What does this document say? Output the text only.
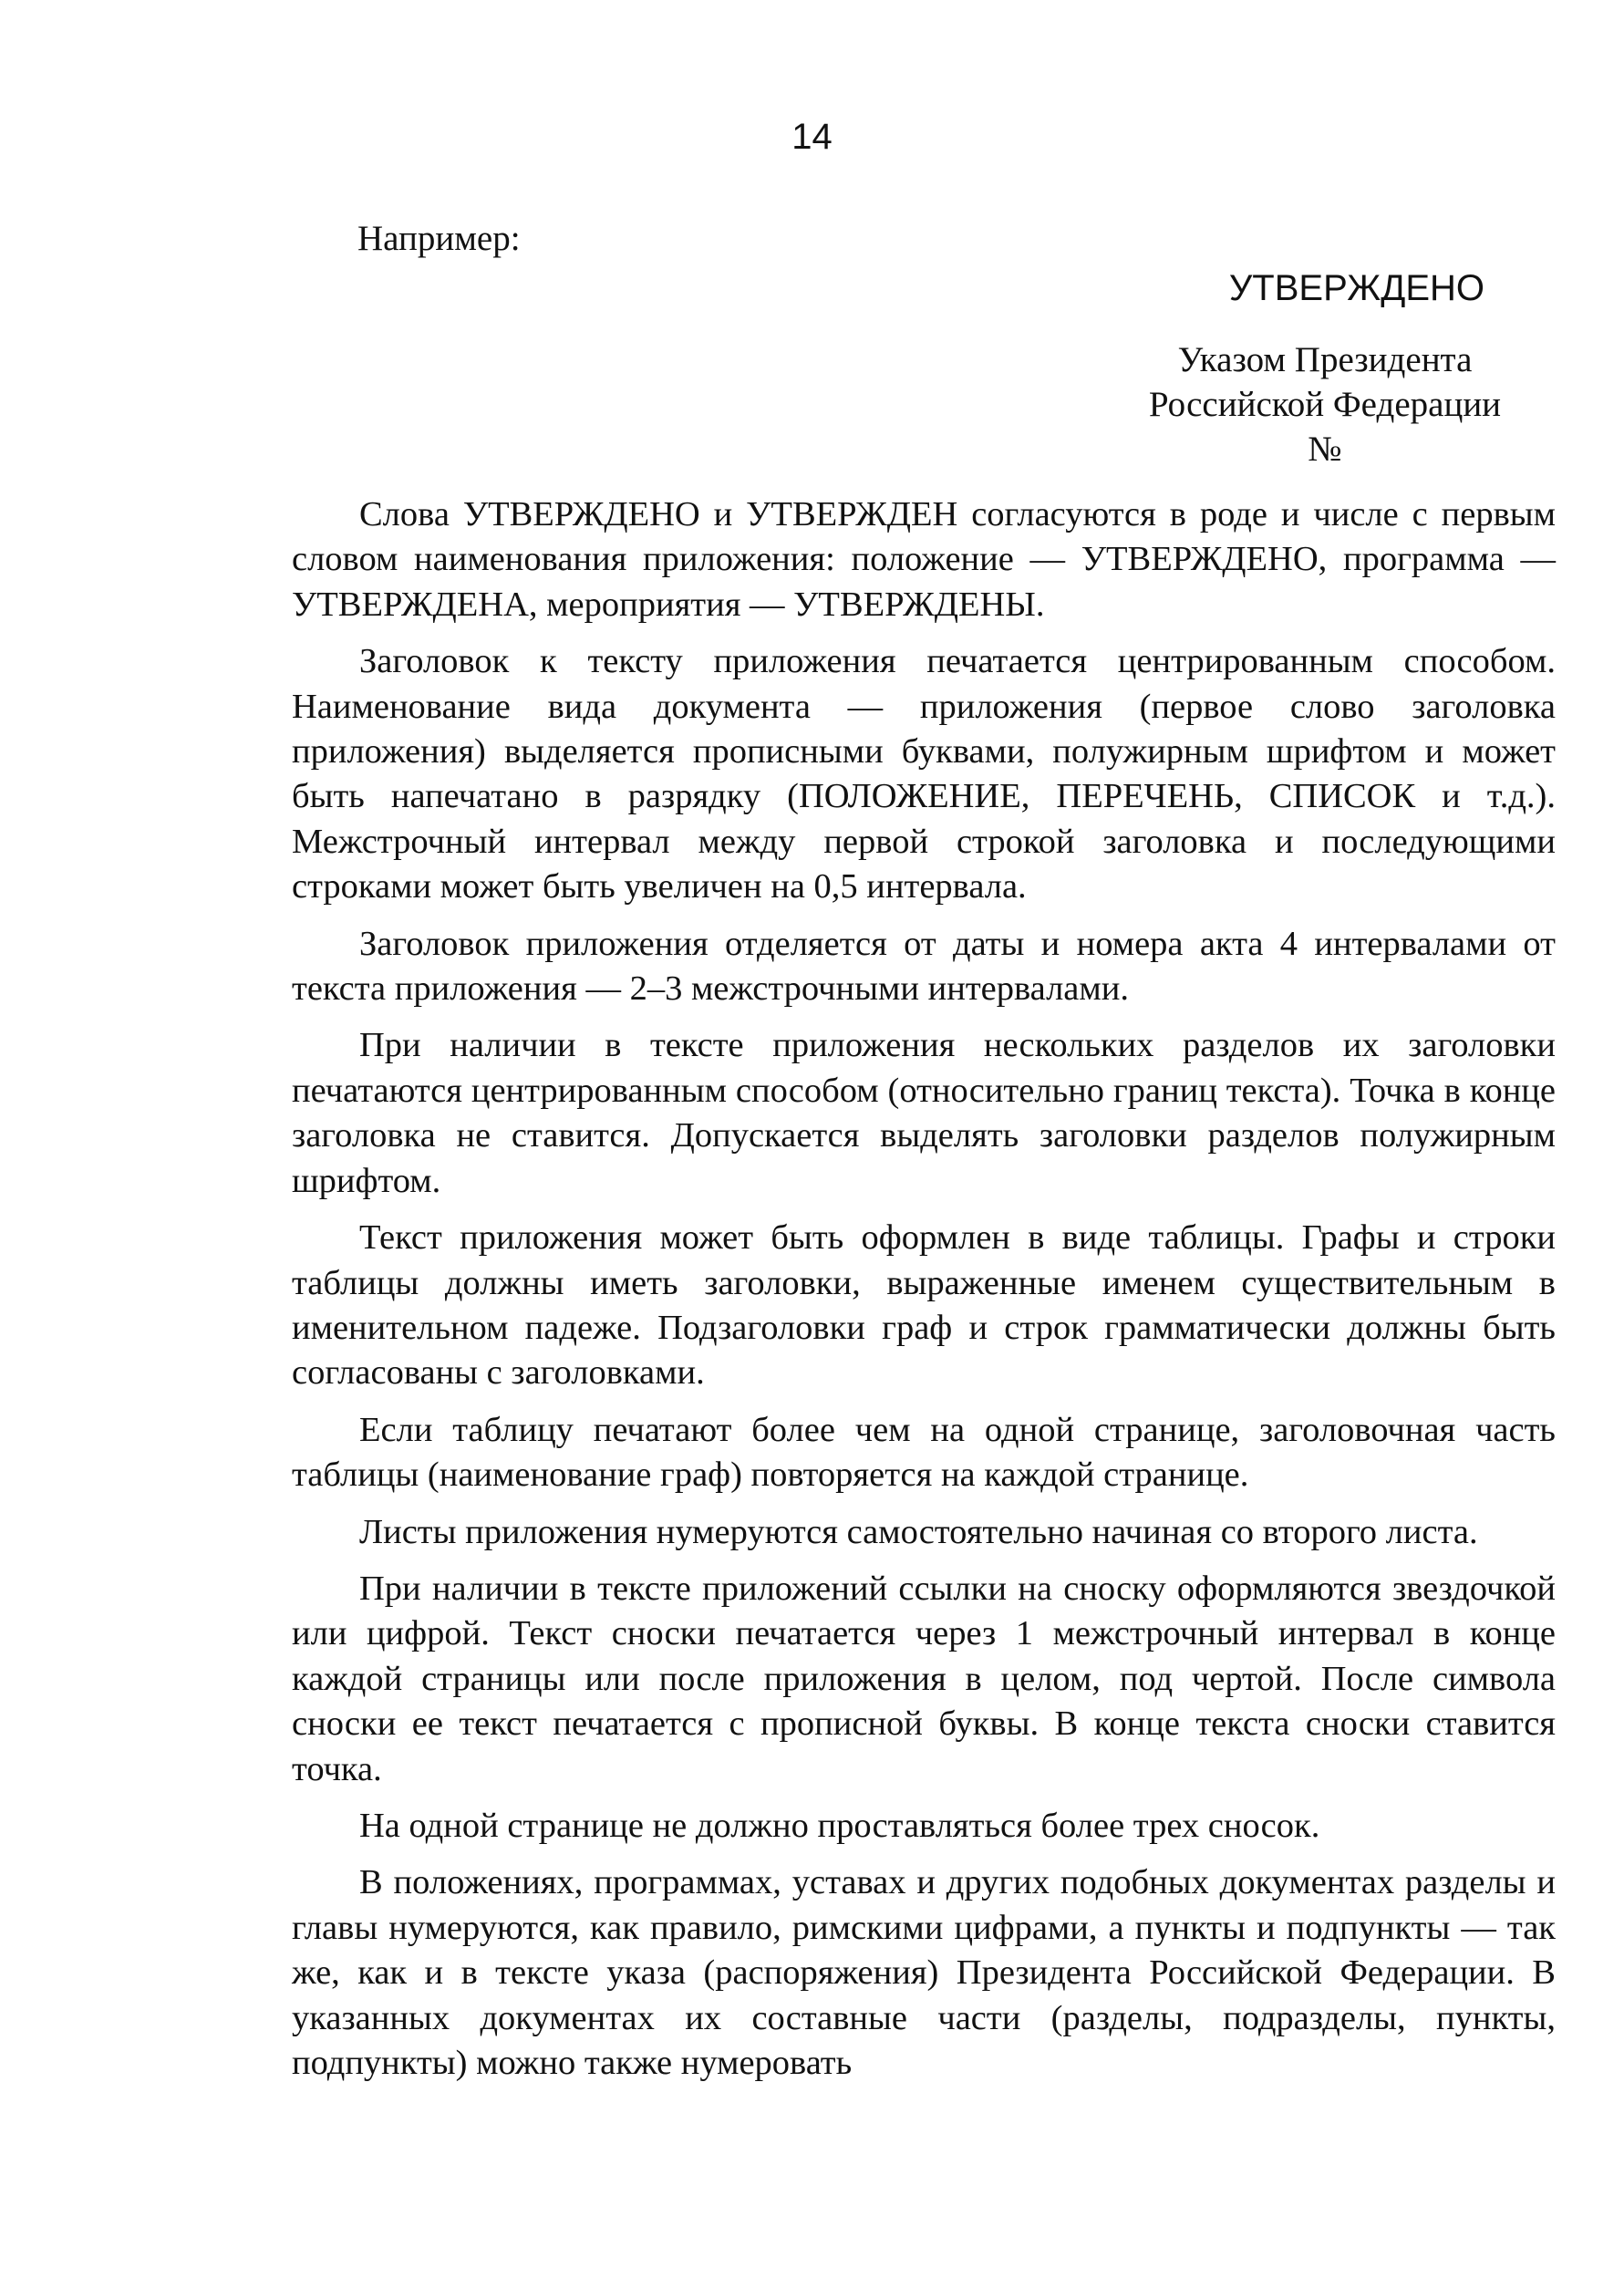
14
Например:
УТВЕРЖДЕНО
Указом Президента
Российской Федерации
№

Слова УТВЕРЖДЕНО и УТВЕРЖДЕН согласуются в роде и числе с первым словом наименования приложения: положение — УТВЕРЖДЕНО, программа — УТВЕРЖДЕНА, мероприятия — УТВЕРЖДЕНЫ.

Заголовок к тексту приложения печатается центрированным способом. Наименование вида документа — приложения (первое слово заголовка приложения) выделяется прописными буквами, полужирным шрифтом и может быть напечатано в разрядку (ПОЛОЖЕНИЕ, ПЕРЕЧЕНЬ, СПИСОК и т.д.). Межстрочный интервал между первой строкой заголовка и последующими строками может быть увеличен на 0,5 интервала.

Заголовок приложения отделяется от даты и номера акта 4 интервалами от текста приложения — 2–3 межстрочными интервалами.

При наличии в тексте приложения нескольких разделов их заголовки печатаются центрированным способом (относительно границ текста). Точка в конце заголовка не ставится. Допускается выделять заголовки разделов полужирным шрифтом.

Текст приложения может быть оформлен в виде таблицы. Графы и строки таблицы должны иметь заголовки, выраженные именем существительным в именительном падеже. Подзаголовки граф и строк грамматически должны быть согласованы с заголовками.

Если таблицу печатают более чем на одной странице, заголовочная часть таблицы (наименование граф) повторяется на каждой странице.

Листы приложения нумеруются самостоятельно начиная со второго листа.

При наличии в тексте приложений ссылки на сноску оформляются звездочкой или цифрой. Текст сноски печатается через 1 межстрочный интервал в конце каждой страницы или после приложения в целом, под чертой. После символа сноски ее текст печатается с прописной буквы. В конце текста сноски ставится точка.

На одной странице не должно проставляться более трех сносок.

В положениях, программах, уставах и других подобных документах разделы и главы нумеруются, как правило, римскими цифрами, а пункты и подпункты — так же, как и в тексте указа (распоряжения) Президента Российской Федерации. В указанных документах их составные части (разделы, подразделы, пункты, подпункты) можно также нумеровать
